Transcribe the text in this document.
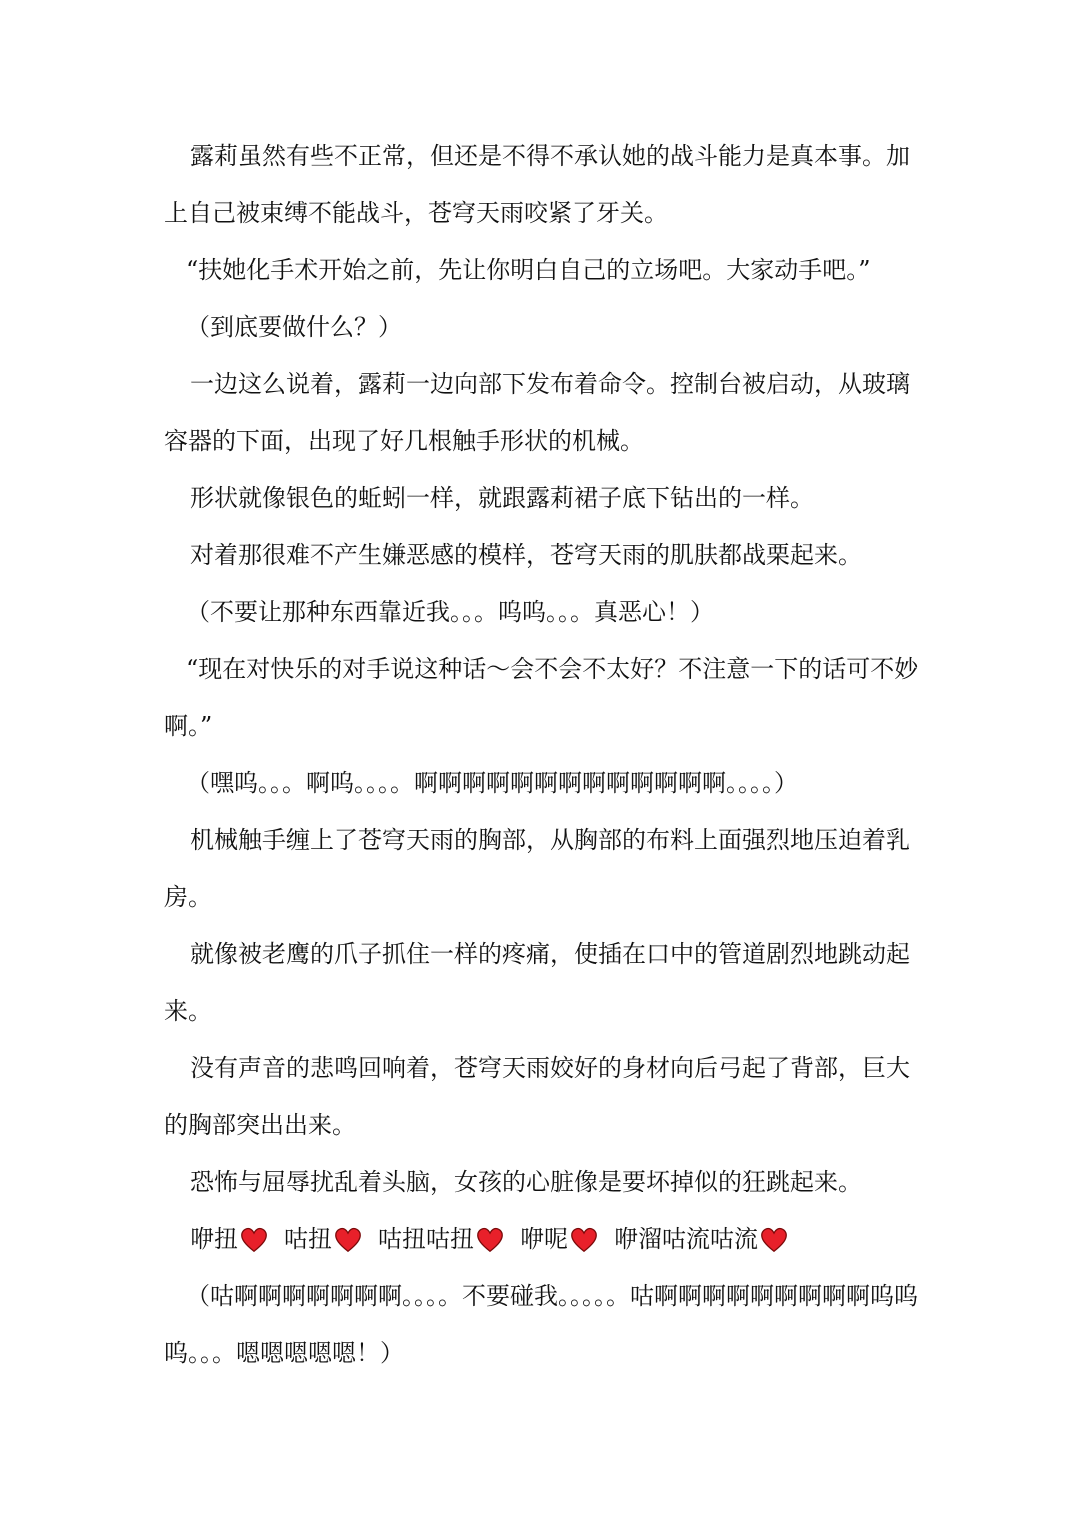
露莉虽然有些不正常，但还是不得不承认她的战斗能力是真本事。加上自己被束缚不能战斗，苍穹天雨咬紧了牙关。

“扶她化手术开始之前，先让你明白自己的立场吧。大家动手吧。”

（到底要做什么？）

一边这么说着，露莉一边向部下发布着命令。控制台被启动，从玻璃容器的下面，出现了好几根触手形状的机械。

形状就像银色的蚯蚓一样，就跟露莉裙子底下钻出的一样。

对着那很难不产生嫌恶感的模样，苍穹天雨的肌肤都战栗起来。

（不要让那种东西靠近我。。。呜呜。。。真恶心！）

“现在对快乐的对手说这种话～会不会不太好？不注意一下的话可不妙啊。”

（嘿呜。。。啊呜。。。。啊啊啊啊啊啊啊啊啊啊啊啊啊。。。。）

机械触手缠上了苍穹天雨的胸部，从胸部的布料上面强烈地压迫着乳房。

就像被老鹰的爪子抓住一样的疼痛，使插在口中的管道剧烈地跳动起来。

没有声音的悲鸣回响着，苍穹天雨姣好的身材向后弓起了背部，巨大的胸部突出出来。

恐怖与屈辱扰乱着头脑，女孩的心脏像是要坏掉似的狂跳起来。

咿扭 咕扭 咕扭咕扭 咿呢 咿溜咕流咕流

（咕啊啊啊啊啊啊啊。。。。不要碰我。。。。。咕啊啊啊啊啊啊啊啊啊呜呜呜。。。嗯嗯嗯嗯嗯！）
